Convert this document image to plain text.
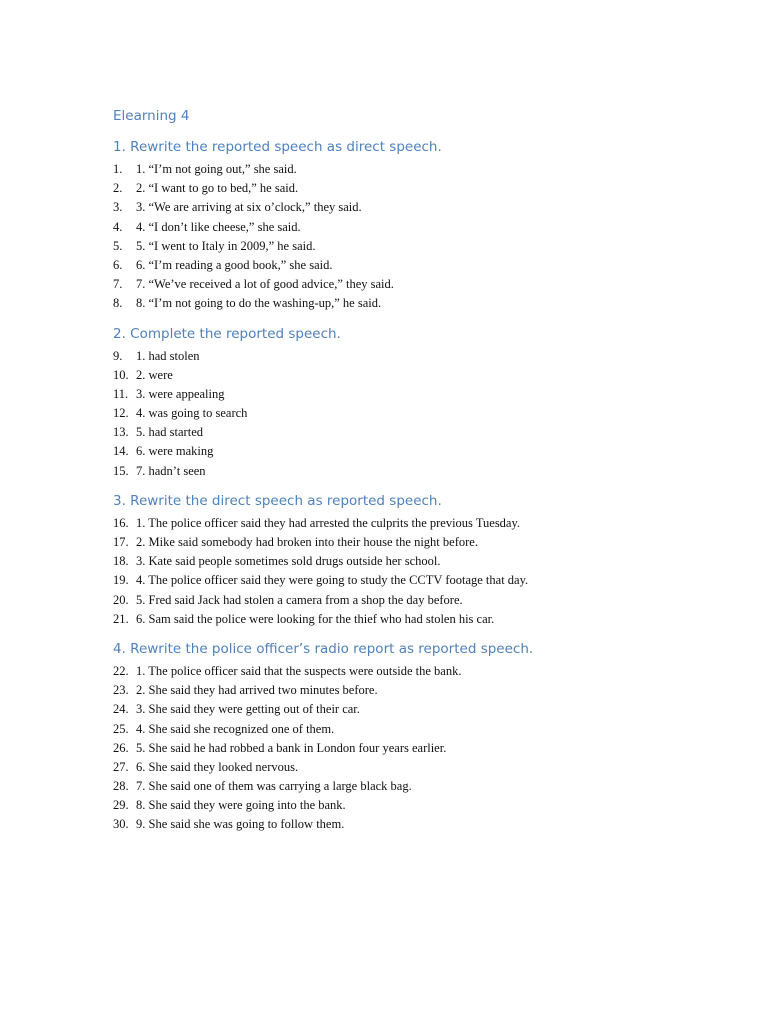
Elearning 4
1. Rewrite the reported speech as direct speech.
1.	1. “I’m not going out,” she said.
2.	2. “I want to go to bed,” he said.
3.	3. “We are arriving at six o’clock,” they said.
4.	4. “I don’t like cheese,” she said.
5.	5. “I went to Italy in 2009,” he said.
6.	6. “I’m reading a good book,” she said.
7.	7. “We’ve received a lot of good advice,” they said.
8.	8. “I’m not going to do the washing-up,” he said.
2. Complete the reported speech.
9.	1. had stolen
10. 2. were
11. 3. were appealing
12. 4. was going to search
13. 5. had started
14. 6. were making
15. 7. hadn’t seen
3. Rewrite the direct speech as reported speech.
16. 1. The police officer said they had arrested the culprits the previous Tuesday.
17. 2. Mike said somebody had broken into their house the night before.
18. 3. Kate said people sometimes sold drugs outside her school.
19. 4. The police officer said they were going to study the CCTV footage that day.
20. 5. Fred said Jack had stolen a camera from a shop the day before.
21. 6. Sam said the police were looking for the thief who had stolen his car.
4. Rewrite the police officer’s radio report as reported speech.
22. 1. The police officer said that the suspects were outside the bank.
23. 2. She said they had arrived two minutes before.
24. 3. She said they were getting out of their car.
25. 4. She said she recognized one of them.
26. 5. She said he had robbed a bank in London four years earlier.
27. 6. She said they looked nervous.
28. 7. She said one of them was carrying a large black bag.
29. 8. She said they were going into the bank.
30. 9. She said she was going to follow them.
